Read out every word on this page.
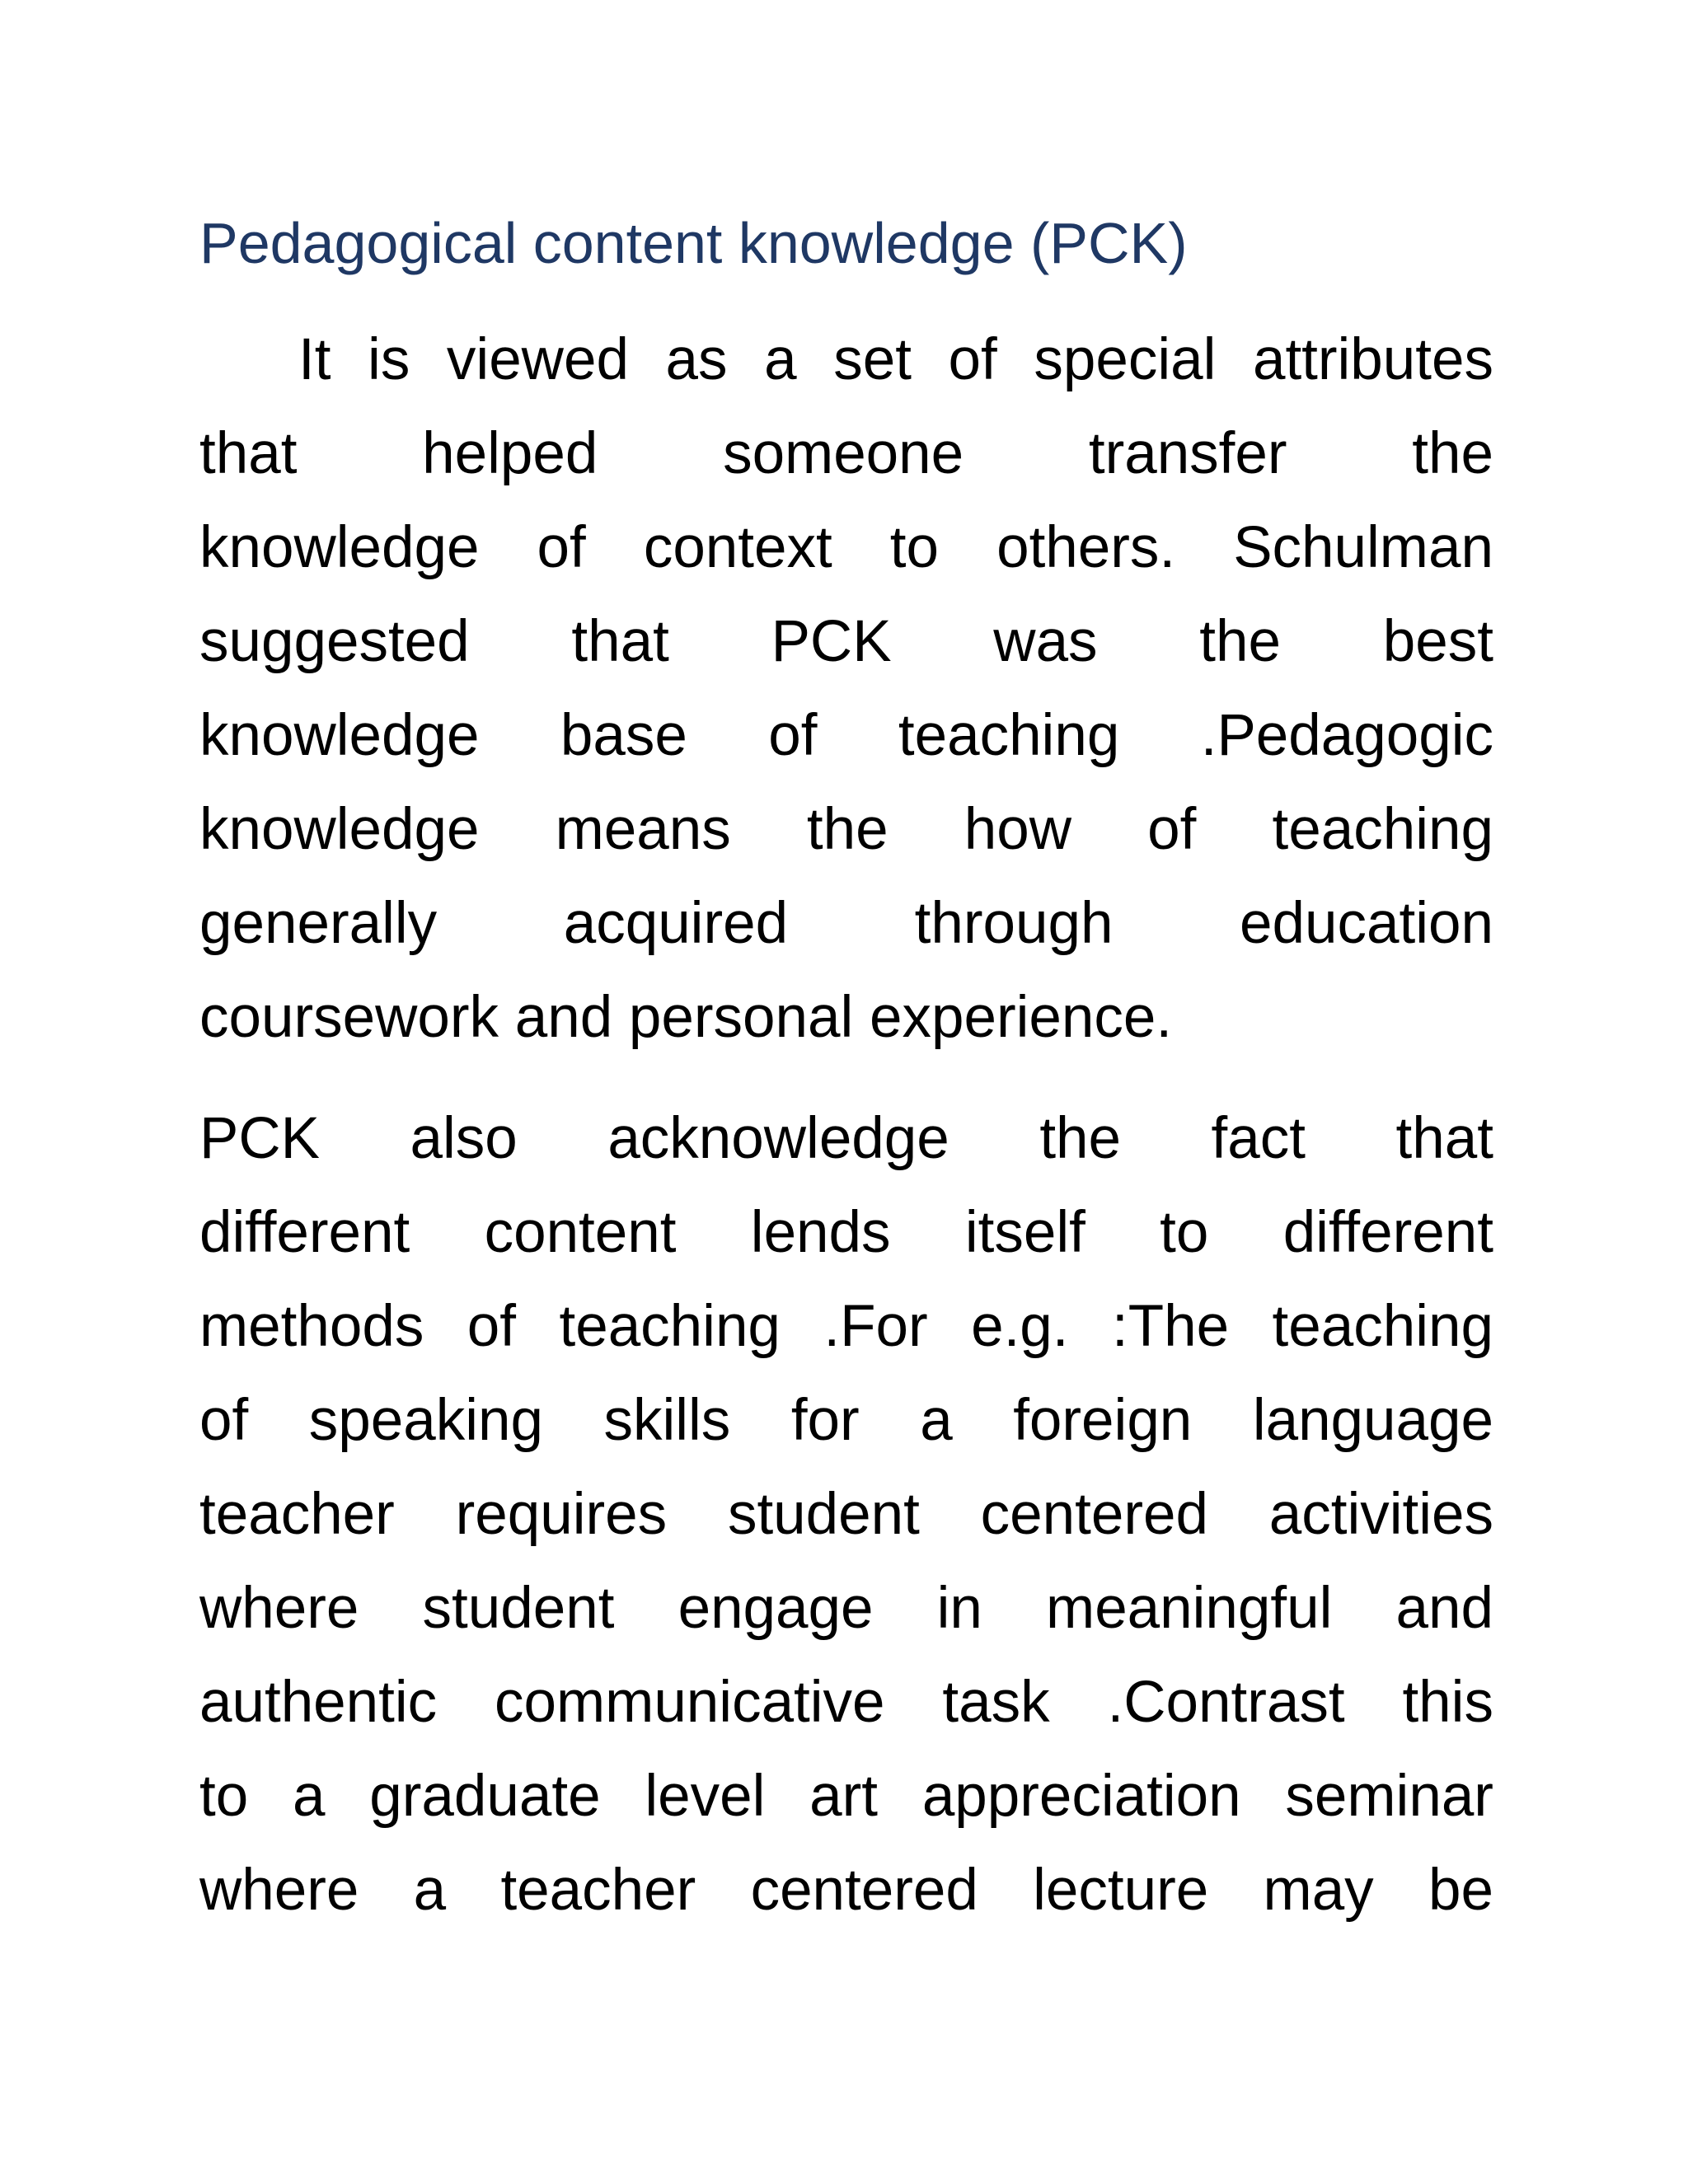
Pedagogical content knowledge (PCK)
It is viewed as a set of special attributes
that helped someone transfer the
knowledge of context to others. Schulman
suggested that PCK was the best
knowledge base of teaching .Pedagogic
knowledge means the how of teaching
generally acquired through education
coursework and personal experience.
PCK also acknowledge the fact that
different content lends itself to different
methods of teaching .For e.g. :The teaching
of speaking skills for a foreign language
teacher requires student centered activities
where student engage in meaningful and
authentic communicative task .Contrast this
to a graduate level art appreciation seminar
where a teacher centered lecture may be
